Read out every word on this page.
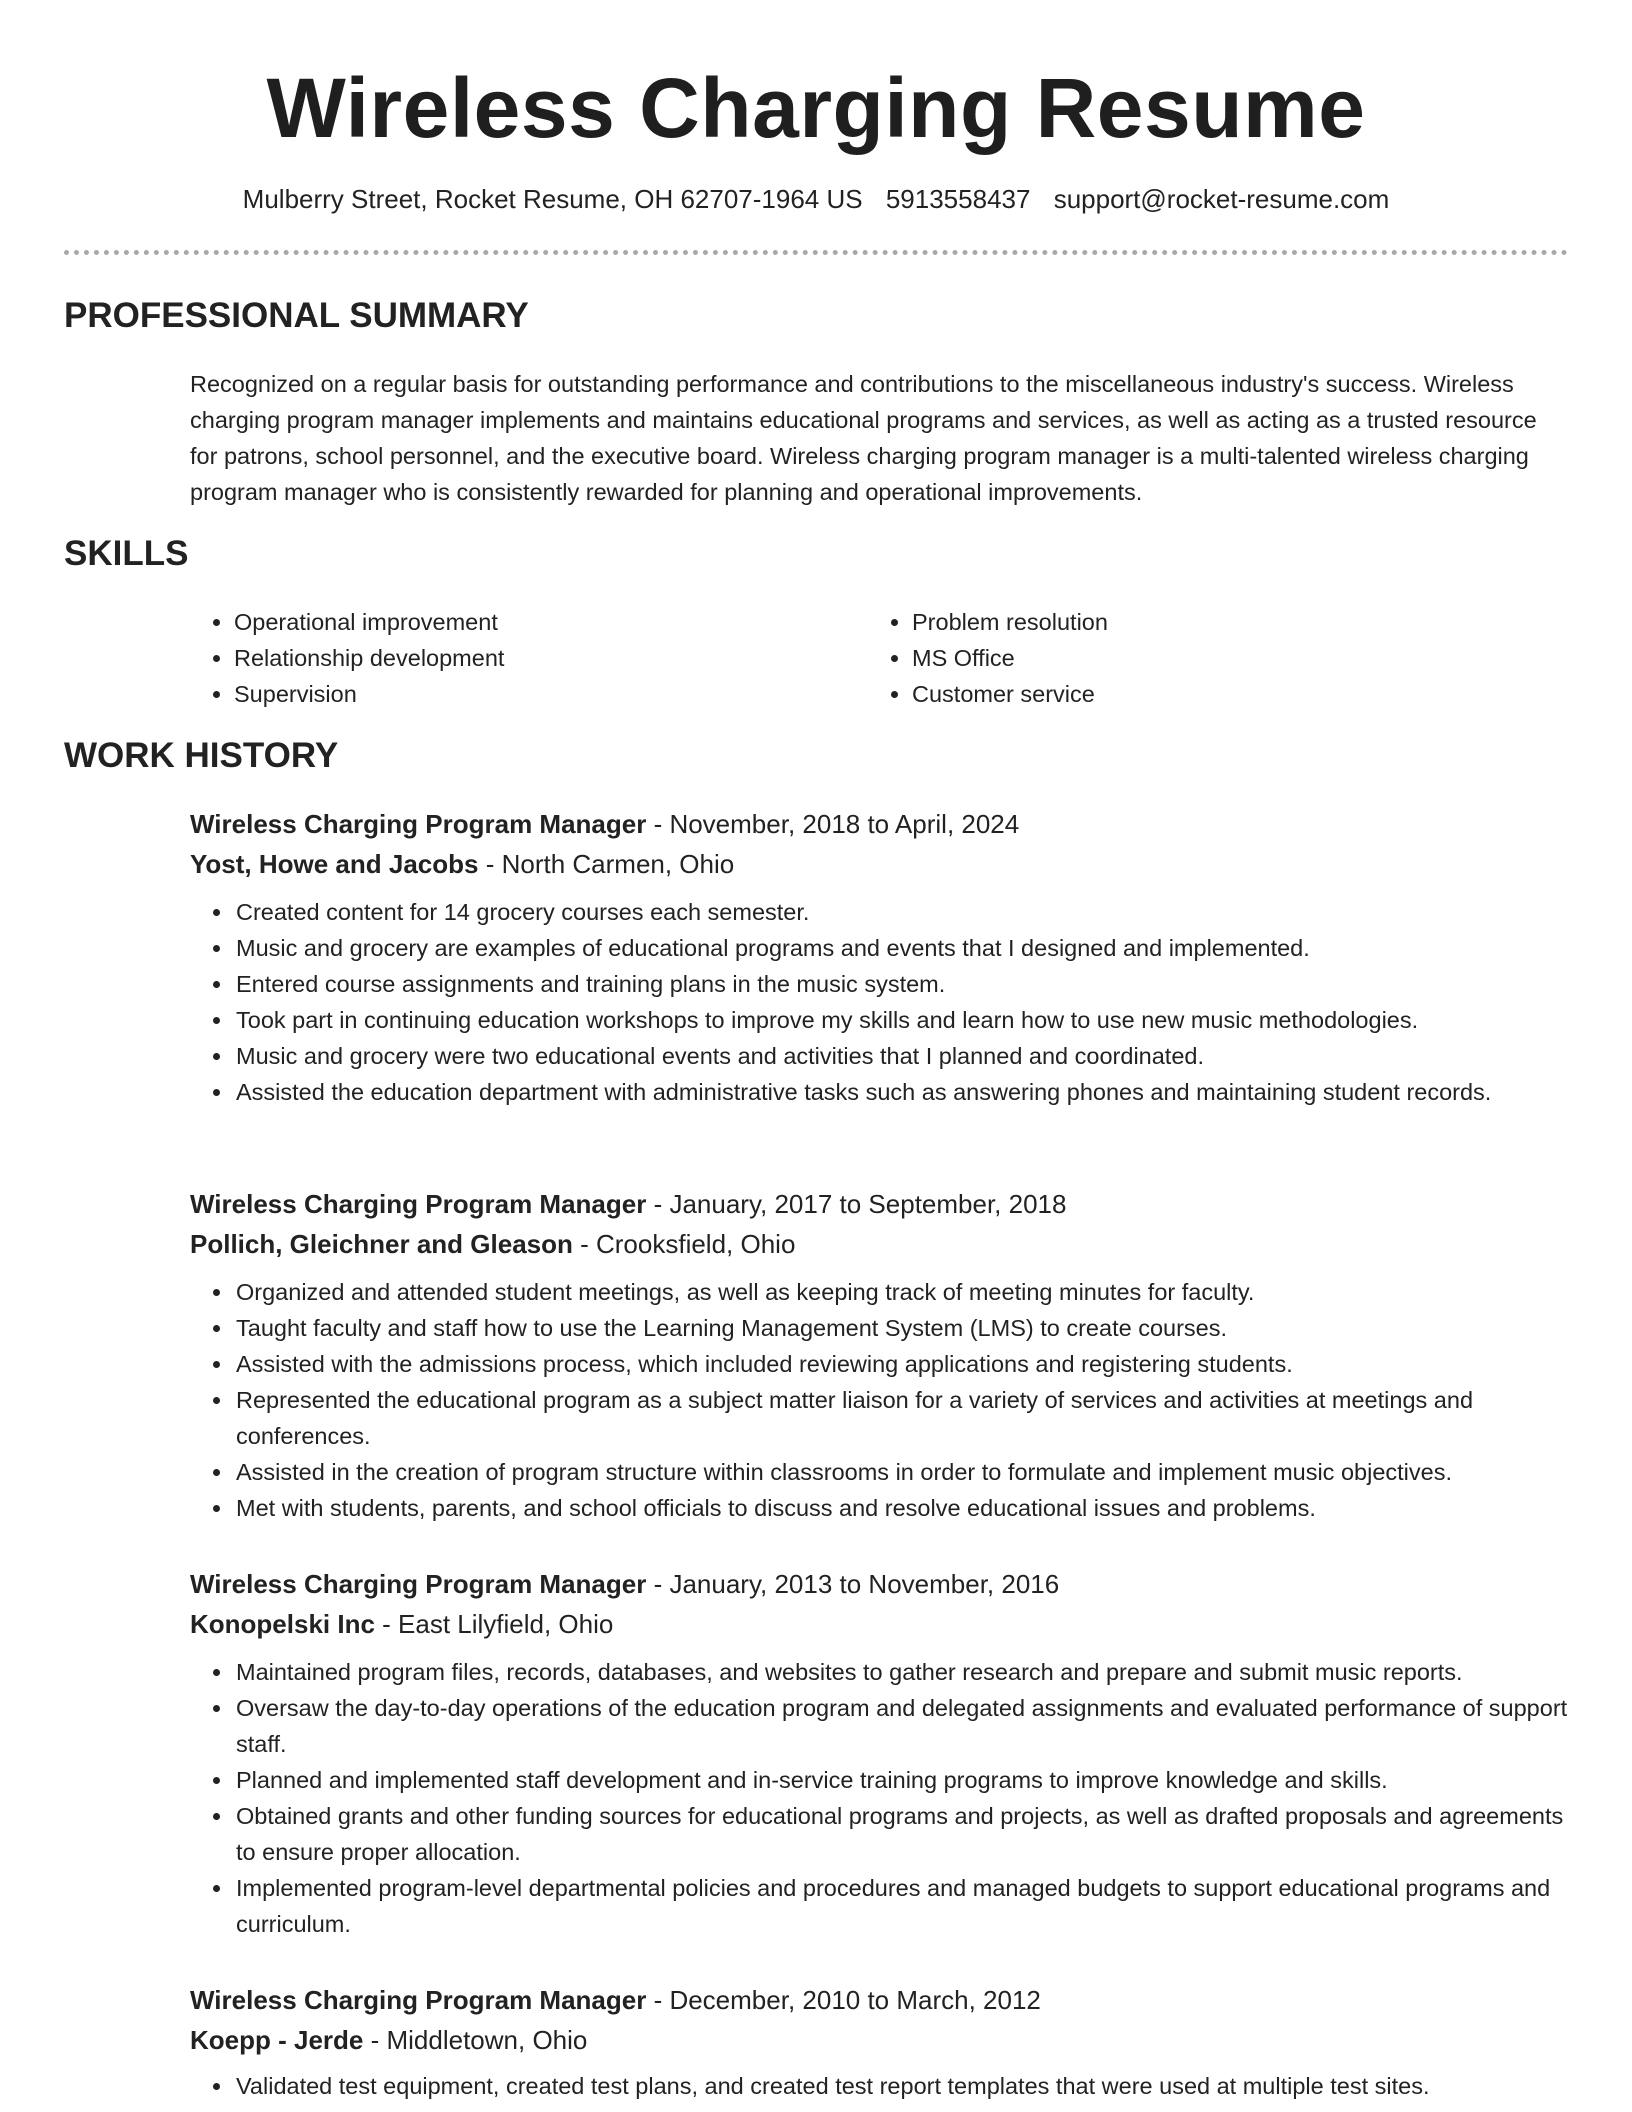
Wireless Charging Resume
Mulberry Street, Rocket Resume, OH 62707-1964 US 5913558437 support@rocket-resume.com
PROFESSIONAL SUMMARY

Recognized on a regular basis for outstanding performance and contributions to the miscellaneous industry's success. Wireless charging program manager implements and maintains educational programs and services, as well as acting as a trusted resource for patrons, school personnel, and the executive board. Wireless charging program manager is a multi-talented wireless charging program manager who is consistently rewarded for planning and operational improvements.

SKILLS
• Operational improvement
• Relationship development
• Supervision
• Problem resolution
• MS Office
• Customer service
WORK HISTORY
Wireless Charging Program Manager - November, 2018 to April, 2024
Yost, Howe and Jacobs - North Carmen, Ohio
• Created content for 14 grocery courses each semester.
• Music and grocery are examples of educational programs and events that I designed and implemented.
• Entered course assignments and training plans in the music system.
• Took part in continuing education workshops to improve my skills and learn how to use new music methodologies.
• Music and grocery were two educational events and activities that I planned and coordinated.
• Assisted the education department with administrative tasks such as answering phones and maintaining student records.
Wireless Charging Program Manager - January, 2017 to September, 2018
Pollich, Gleichner and Gleason - Crooksfield, Ohio
• Organized and attended student meetings, as well as keeping track of meeting minutes for faculty.
• Taught faculty and staff how to use the Learning Management System (LMS) to create courses.
• Assisted with the admissions process, which included reviewing applications and registering students.
• Represented the educational program as a subject matter liaison for a variety of services and activities at meetings and conferences.
• Assisted in the creation of program structure within classrooms in order to formulate and implement music objectives.
• Met with students, parents, and school officials to discuss and resolve educational issues and problems.
Wireless Charging Program Manager - January, 2013 to November, 2016
Konopelski Inc - East Lilyfield, Ohio
• Maintained program files, records, databases, and websites to gather research and prepare and submit music reports.
• Oversaw the day-to-day operations of the education program and delegated assignments and evaluated performance of support staff.
• Planned and implemented staff development and in-service training programs to improve knowledge and skills.
• Obtained grants and other funding sources for educational programs and projects, as well as drafted proposals and agreements to ensure proper allocation.
• Implemented program-level departmental policies and procedures and managed budgets to support educational programs and curriculum.
Wireless Charging Program Manager - December, 2010 to March, 2012
Koepp - Jerde - Middletown, Ohio
• Validated test equipment, created test plans, and created test report templates that were used at multiple test sites.
